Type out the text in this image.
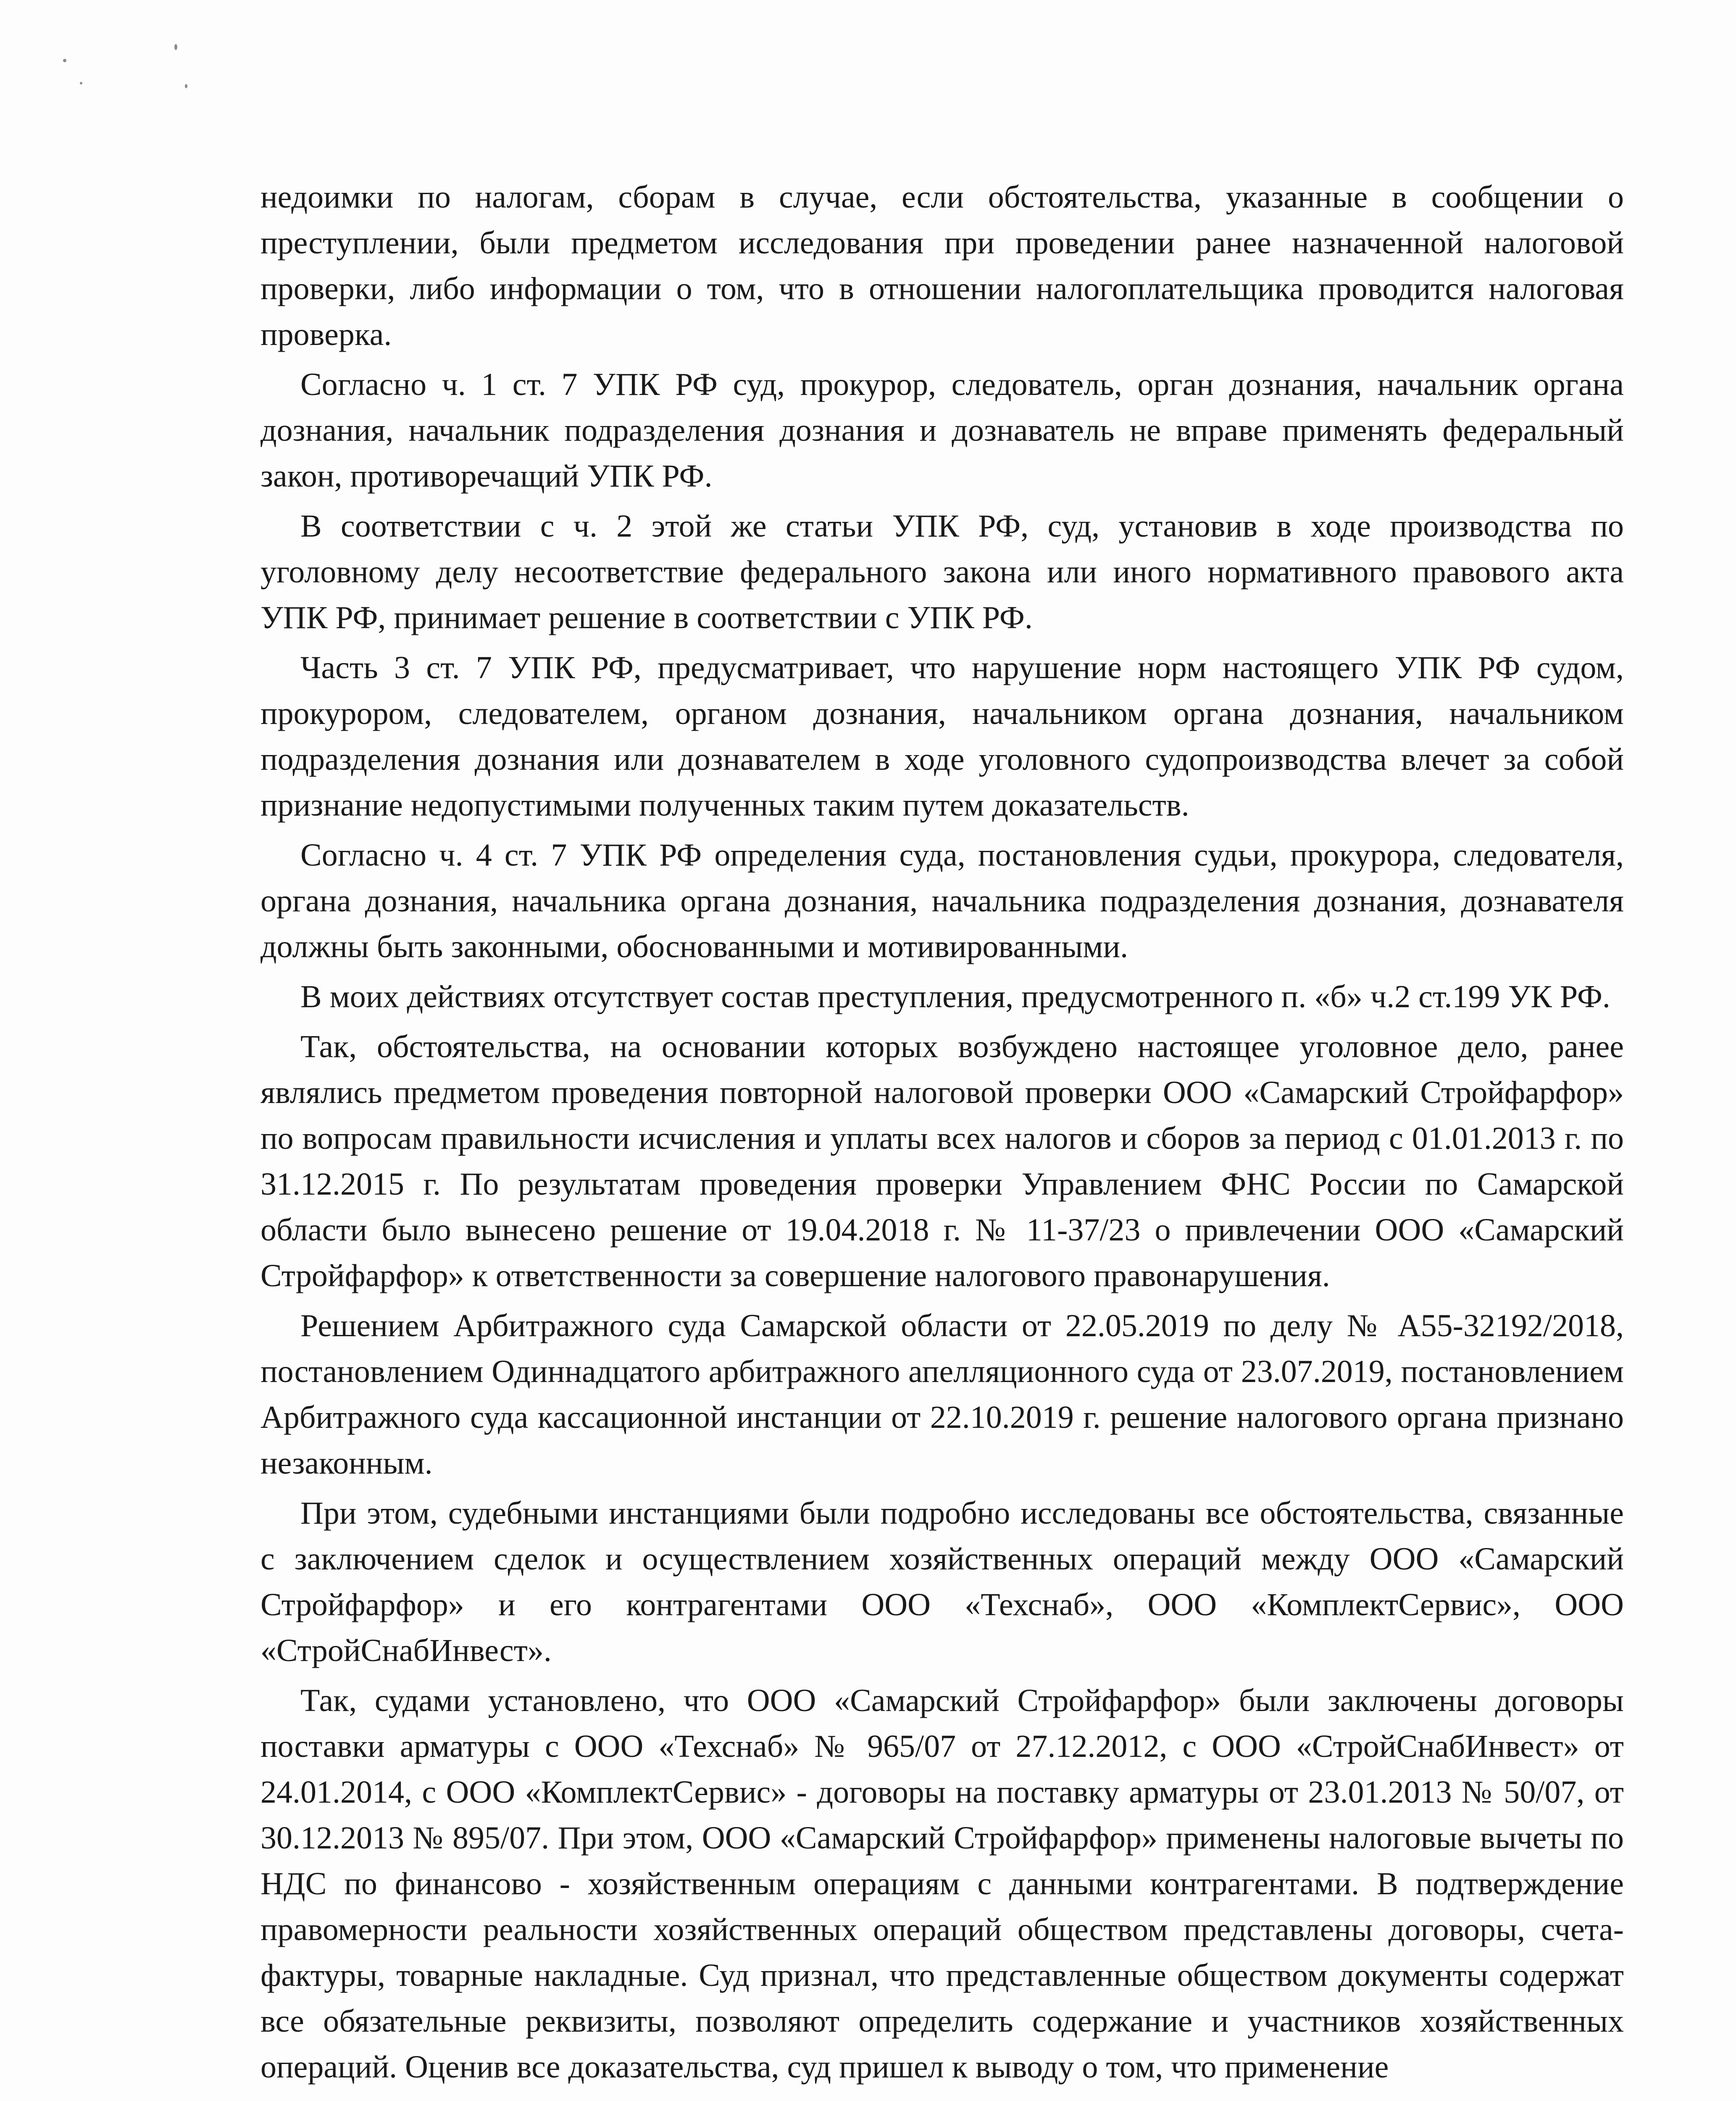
недоимки по налогам, сборам в случае, если обстоятельства, указанные в сообщении о преступлении, были предметом исследования при проведении ранее назначенной налоговой проверки, либо информации о том, что в отношении налогоплательщика проводится налоговая проверка.

Согласно ч. 1 ст. 7 УПК РФ суд, прокурор, следователь, орган дознания, начальник органа дознания, начальник подразделения дознания и дознаватель не вправе применять федеральный закон, противоречащий УПК РФ.

В соответствии с ч. 2 этой же статьи УПК РФ, суд, установив в ходе производства по уголовному делу несоответствие федерального закона или иного нормативного правового акта УПК РФ, принимает решение в соответствии с УПК РФ.

Часть 3 ст. 7 УПК РФ, предусматривает, что нарушение норм настоящего УПК РФ судом, прокурором, следователем, органом дознания, начальником органа дознания, начальником подразделения дознания или дознавателем в ходе уголовного судопроизводства влечет за собой признание недопустимыми полученных таким путем доказательств.

Согласно ч. 4 ст. 7 УПК РФ определения суда, постановления судьи, прокурора, следователя, органа дознания, начальника органа дознания, начальника подразделения дознания, дознавателя должны быть законными, обоснованными и мотивированными.

В моих действиях отсутствует состав преступления, предусмотренного п. «б» ч.2 ст.199 УК РФ.

Так, обстоятельства, на основании которых возбуждено настоящее уголовное дело, ранее являлись предметом проведения повторной налоговой проверки ООО «Самарский Стройфарфор» по вопросам правильности исчисления и уплаты всех налогов и сборов за период с 01.01.2013 г. по 31.12.2015 г. По результатам проведения проверки Управлением ФНС России по Самарской области было вынесено решение от 19.04.2018 г. № 11-37/23 о привлечении ООО «Самарский Стройфарфор» к ответственности за совершение налогового правонарушения.

Решением Арбитражного суда Самарской области от 22.05.2019 по делу № А55-32192/2018, постановлением Одиннадцатого арбитражного апелляционного суда от 23.07.2019, постановлением Арбитражного суда кассационной инстанции от 22.10.2019 г. решение налогового органа признано незаконным.

При этом, судебными инстанциями были подробно исследованы все обстоятельства, связанные с заключением сделок и осуществлением хозяйственных операций между ООО «Самарский Стройфарфор» и его контрагентами ООО «Техснаб», ООО «КомплектСервис», ООО «СтройСнабИнвест».

Так, судами установлено, что ООО «Самарский Стройфарфор» были заключены договоры поставки арматуры с ООО «Техснаб» № 965/07 от 27.12.2012, с ООО «СтройСнабИнвест» от 24.01.2014, с ООО «КомплектСервис» - договоры на поставку арматуры от 23.01.2013 № 50/07, от 30.12.2013 № 895/07. При этом, ООО «Самарский Стройфарфор» применены налоговые вычеты по НДС по финансово - хозяйственным операциям с данными контрагентами. В подтверждение правомерности реальности хозяйственных операций обществом представлены договоры, счета-фактуры, товарные накладные. Суд признал, что представленные обществом документы содержат все обязательные реквизиты, позволяют определить содержание и участников хозяйственных операций. Оценив все доказательства, суд пришел к выводу о том, что применение
